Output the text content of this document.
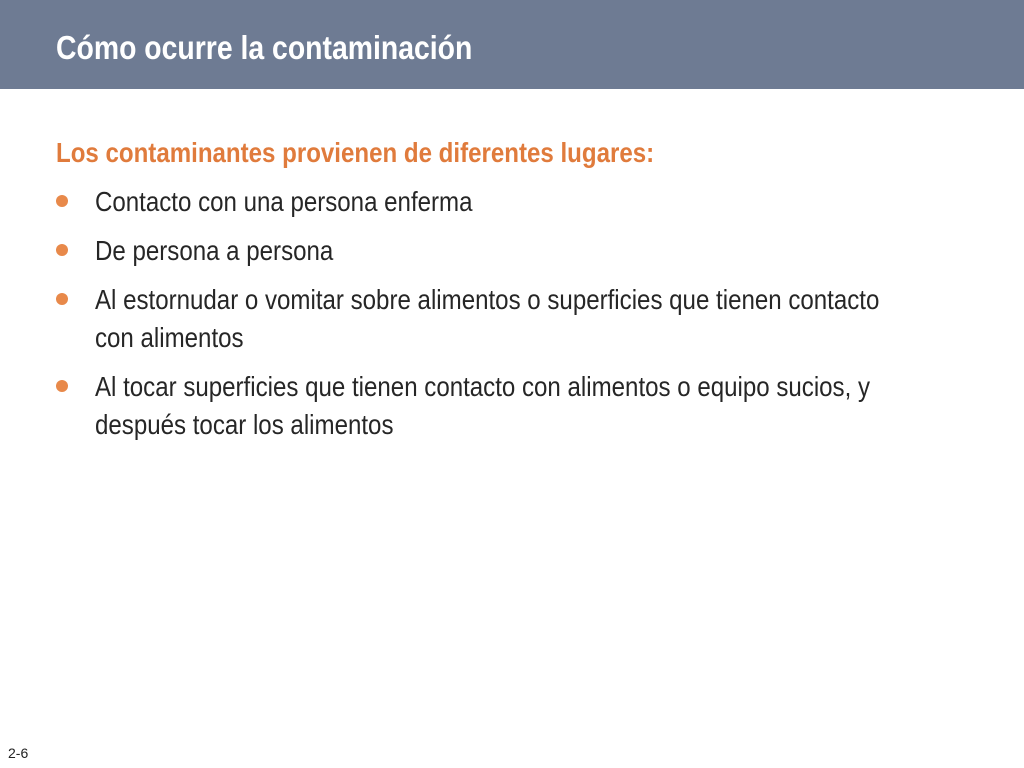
Cómo ocurre la contaminación
Los contaminantes provienen de diferentes lugares:
Contacto con una persona enferma
De persona a persona
Al estornudar o vomitar sobre alimentos o superficies que tienen contacto
con alimentos
Al tocar superficies que tienen contacto con alimentos o equipo sucios, y
después tocar los alimentos
2-6
